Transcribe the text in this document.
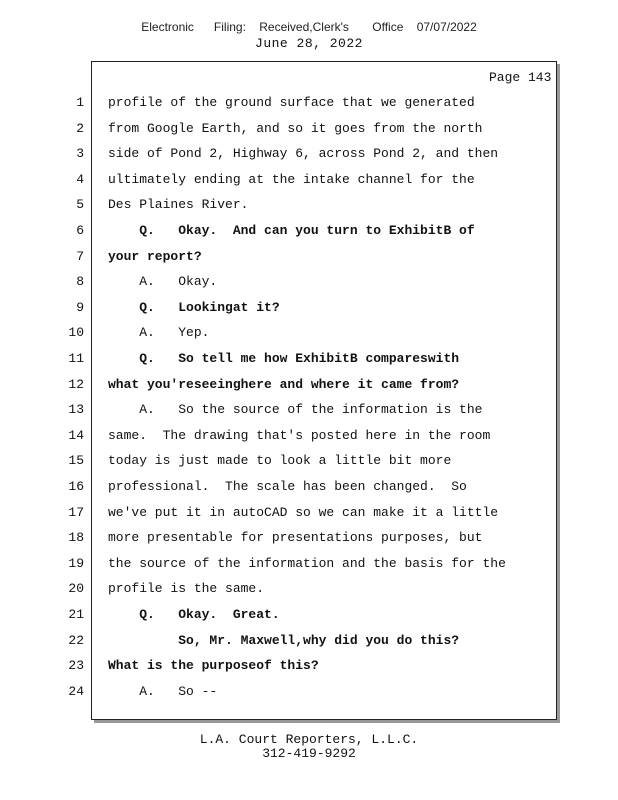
Electronic      Filing:    Received,Clerk's       Office    07/07/2022
June 28, 2022
Page 143
1 profile of the ground surface that we generated
2 from Google Earth, and so it goes from the north
3 side of Pond 2, Highway 6, across Pond 2, and then
4 ultimately ending at the intake channel for the
5 Des Plaines River.
6 Q.   Okay.  And can you turn to ExhibitB of
7 your report?
8 A.   Okay.
9 Q.   Lookingat it?
10 A.   Yep.
11 Q.   So tell me how ExhibitB compareswith
12 what you'reseeinghere and where it came from?
13 A.   So the source of the information is the
14 same.  The drawing that's posted here in the room
15 today is just made to look a little bit more
16 professional.  The scale has been changed.  So
17 we've put it in autoCAD so we can make it a little
18 more presentable for presentations purposes, but
19 the source of the information and the basis for the
20 profile is the same.
21 Q.   Okay.  Great.
22 So, Mr. Maxwell,why did you do this?
23 What is the purposeof this?
24 A.   So --
L.A. Court Reporters, L.L.C.
312-419-9292
